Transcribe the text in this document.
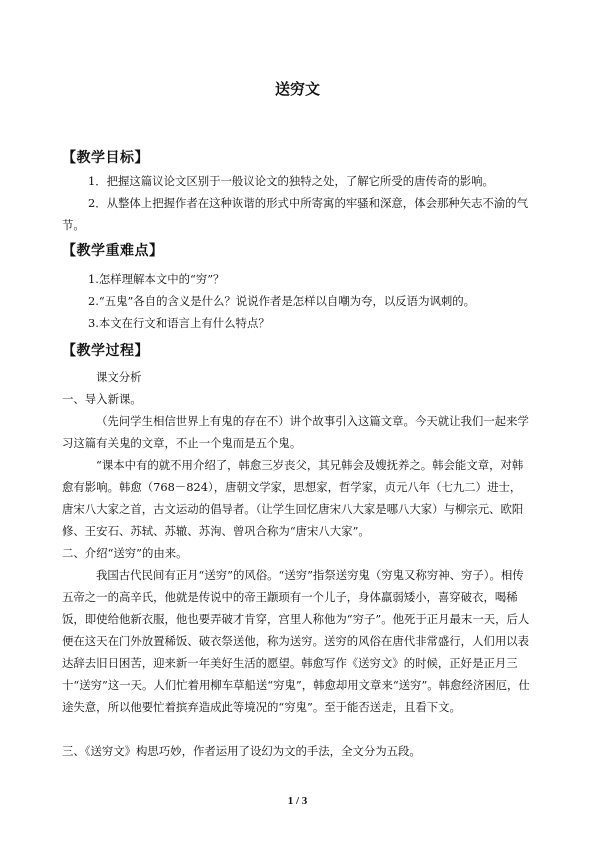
送穷文
【教学目标】
1．把握这篇议论文区别于一般议论文的独特之处，了解它所受的唐传奇的影响。
2．从整体上把握作者在这种诙谐的形式中所寄寓的牢骚和深意，体会那种矢志不渝的气节。
【教学重难点】
1.怎样理解本文中的“穷”？
2.“五鬼”各自的含义是什么？说说作者是怎样以自嘲为夸，以反语为讽刺的。
3.本文在行文和语言上有什么特点？
【教学过程】
课文分析
一、导入新课。
（先问学生相信世界上有鬼的存在不）讲个故事引入这篇文章。今天就让我们一起来学习这篇有关鬼的文章，不止一个鬼而是五个鬼。
“课本中有的就不用介绍了，韩愈三岁丧父，其兄韩会及嫂抚养之。韩会能文章，对韩愈有影响。韩愈（768－824），唐朝文学家，思想家，哲学家，贞元八年（七九二）进士，唐宋八大家之首，古文运动的倡导者。（让学生回忆唐宋八大家是哪八大家）与柳宗元、欧阳修、王安石、苏轼、苏辙、苏洵、曾巩合称为“唐宋八大家”。
二、介绍“送穷”的由来。
我国古代民间有正月“送穷”的风俗。“送穷”指祭送穷鬼（穷鬼又称穷神、穷子）。相传五帝之一的高辛氏，他就是传说中的帝王颛顼有一个儿子，身体羸弱矮小，喜穿破衣，喝稀饭，即使给他新衣服，他也要弄破才肯穿，宫里人称他为“穷子”。他死于正月最末一天，后人便在这天在门外放置稀饭、破衣祭送他，称为送穷。送穷的风俗在唐代非常盛行，人们用以表达辞去旧日困苦，迎来新一年美好生活的愿望。韩愈写作《送穷文》的时候，正好是正月三十“送穷”这一天。人们忙着用柳车草船送“穷鬼”，韩愈却用文章来“送穷”。韩愈经济困厄，仕途失意，所以他要忙着摈弃造成此等境况的“穷鬼”。至于能否送走，且看下文。
三、《送穷文》构思巧妙，作者运用了设幻为文的手法，全文分为五段。
1 / 3
